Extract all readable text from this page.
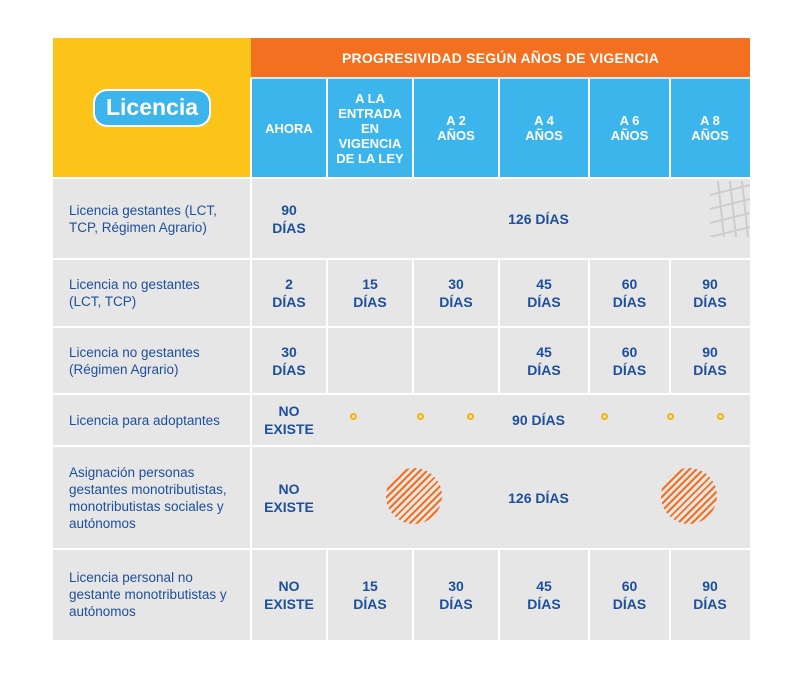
Licencia
PROGRESIVIDAD SEGÚN AÑOS DE VIGENCIA
AHORA
A LA ENTRADA EN VIGENCIA DE LA LEY
A 2 AÑOS
A 4 AÑOS
A 6 AÑOS
A 8 AÑOS
Licencia gestantes (LCT, TCP, Régimen Agrario)
90 DÍAS
126 DÍAS
Licencia no gestantes (LCT, TCP)
2 DÍAS
15 DÍAS
30 DÍAS
45 DÍAS
60 DÍAS
90 DÍAS
Licencia no gestantes (Régimen Agrario)
30 DÍAS
45 DÍAS
60 DÍAS
90 DÍAS
Licencia para adoptantes
NO EXISTE
90 DÍAS
Asignación personas gestantes monotributistas, monotributistas sociales y autónomos
NO EXISTE
126 DÍAS
Licencia personal no gestante monotributistas y autónomos
NO EXISTE
15 DÍAS
30 DÍAS
45 DÍAS
60 DÍAS
90 DÍAS
